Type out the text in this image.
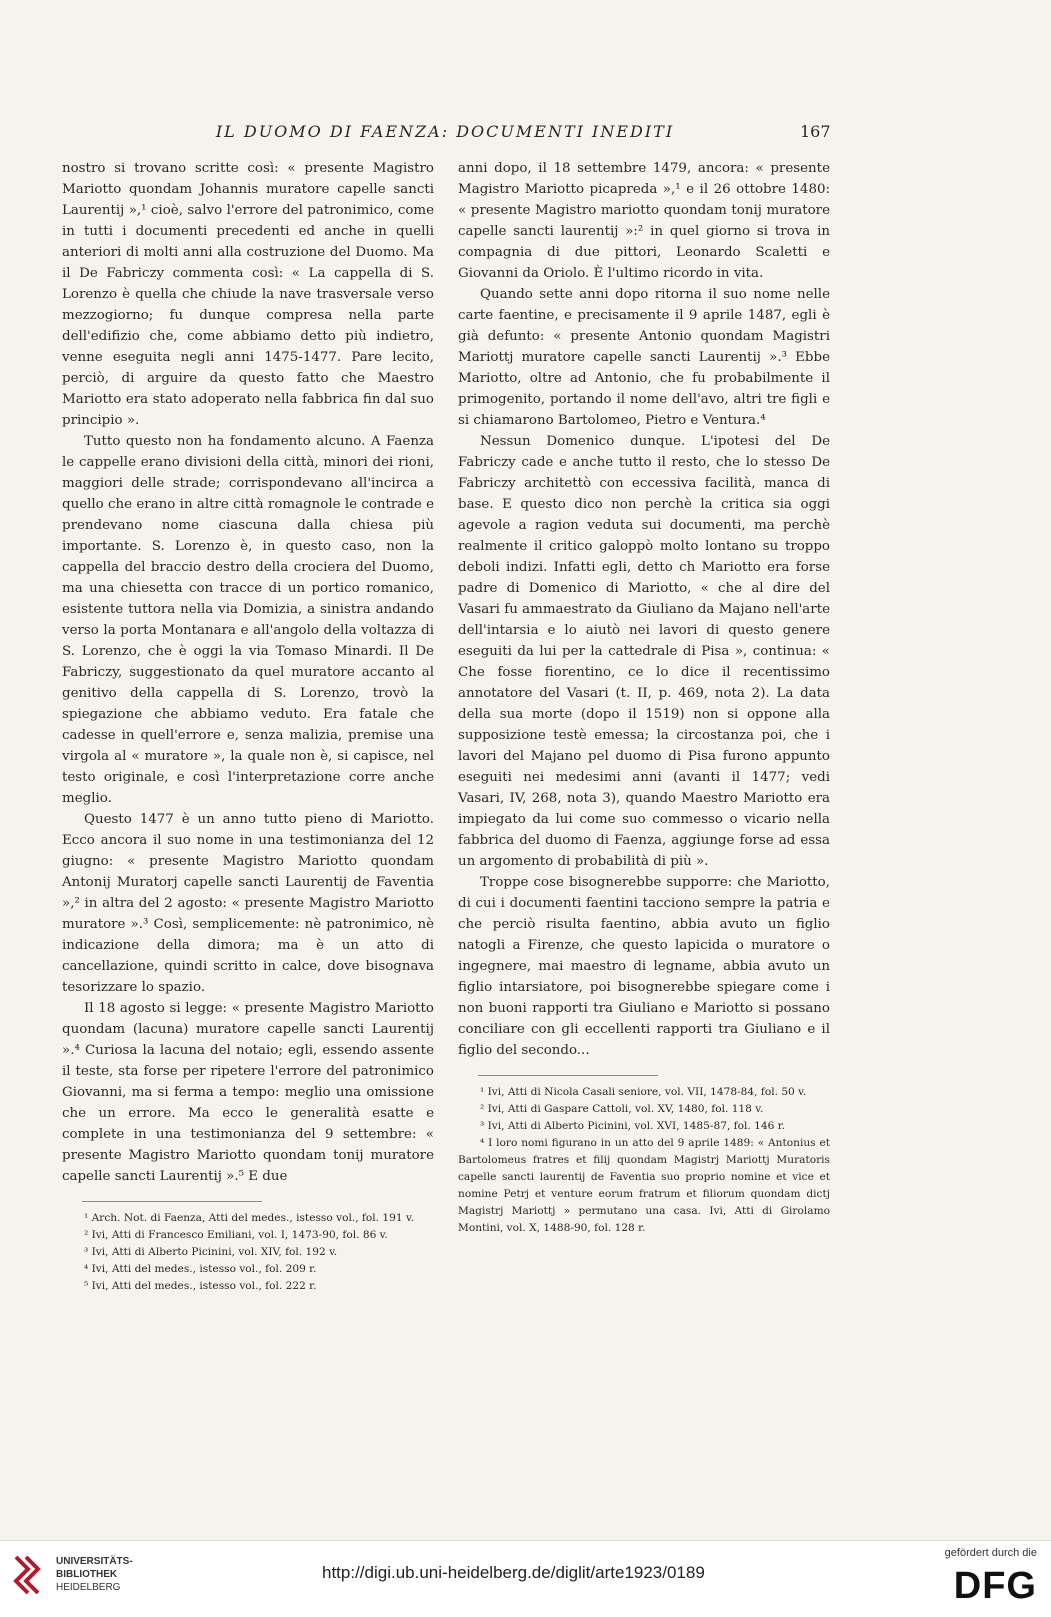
IL DUOMO DI FAENZA: DOCUMENTI INEDITI	167

nostro si trovano scritte così: « presente Magistro Mariotto quondam Johannis muratore capelle sancti Laurentij »,¹ cioè, salvo l'errore del patronimico, come in tutti i documenti precedenti ed anche in quelli anteriori di molti anni alla costruzione del Duomo. Ma il De Fabriczy commenta così: « La cappella di S. Lorenzo è quella che chiude la nave trasversale verso mezzogiorno; fu dunque compresa nella parte dell'edifizio che, come abbiamo detto più indietro, venne eseguita negli anni 1475-1477. Pare lecito, perciò, di arguire da questo fatto che Maestro Mariotto era stato adoperato nella fabbrica fin dal suo principio ».

Tutto questo non ha fondamento alcuno. A Faenza le cappelle erano divisioni della città, minori dei rioni, maggiori delle strade; corrispondevano all'incirca a quello che erano in altre città romagnole le contrade e prendevano nome ciascuna dalla chiesa più importante. S. Lorenzo è, in questo caso, non la cappella del braccio destro della crociera del Duomo, ma una chiesetta con tracce di un portico romanico, esistente tuttora nella via Domizia, a sinistra andando verso la porta Montanara e all'angolo della voltazza di S. Lorenzo, che è oggi la via Tomaso Minardi. Il De Fabriczy, suggestionato da quel muratore accanto al genitivo della cappella di S. Lorenzo, trovò la spiegazione che abbiamo veduto. Era fatale che cadesse in quell'errore e, senza malizia, premise una virgola al « muratore », la quale non è, si capisce, nel testo originale, e così l'interpretazione corre anche meglio.

Questo 1477 è un anno tutto pieno di Mariotto. Ecco ancora il suo nome in una testimonianza del 12 giugno: « presente Magistro Mariotto quondam Antonij Muratorj capelle sancti Laurentij de Faventia »,² in altra del 2 agosto: « presente Magistro Mariotto muratore ».³ Così, semplicemente: nè patronimico, nè indicazione della dimora; ma è un atto di cancellazione, quindi scritto in calce, dove bisognava tesorizzare lo spazio.

Il 18 agosto si legge: « presente Magistro Mariotto quondam (lacuna) muratore capelle sancti Laurentij ».⁴ Curiosa la lacuna del notaio; egli, essendo assente il teste, sta forse per ripetere l'errore del patronimico Giovanni, ma si ferma a tempo: meglio una omissione che un errore. Ma ecco le generalità esatte e complete in una testimonianza del 9 settembre: « presente Magistro Mariotto quondam tonij muratore capelle sancti Laurentij ».⁵ E due

¹ Arch. Not. di Faenza, Atti del medes., istesso vol., fol. 191 v.

² Ivi, Atti di Francesco Emiliani, vol. I, 1473-90, fol. 86 v.

³ Ivi, Atti di Alberto Picinini, vol. XIV, fol. 192 v.

⁴ Ivi, Atti del medes., istesso vol., fol. 209 r.

⁵ Ivi, Atti del medes., istesso vol., fol. 222 r.

anni dopo, il 18 settembre 1479, ancora: « presente Magistro Mariotto picapreda »,¹ e il 26 ottobre 1480: « presente Magistro mariotto quondam tonij muratore capelle sancti laurentij »:² in quel giorno si trova in compagnia di due pittori, Leonardo Scaletti e Giovanni da Oriolo. È l'ultimo ricordo in vita.

Quando sette anni dopo ritorna il suo nome nelle carte faentine, e precisamente il 9 aprile 1487, egli è già defunto: « presente Antonio quondam Magistri Mariottj muratore capelle sancti Laurentij ».³ Ebbe Mariotto, oltre ad Antonio, che fu probabilmente il primogenito, portando il nome dell'avo, altri tre figli e si chiamarono Bartolomeo, Pietro e Ventura.⁴

Nessun Domenico dunque. L'ipotesi del De Fabriczy cade e anche tutto il resto, che lo stesso De Fabriczy architettò con eccessiva facilità, manca di base. E questo dico non perchè la critica sia oggi agevole a ragion veduta sui documenti, ma perchè realmente il critico galoppò molto lontano su troppo deboli indizi. Infatti egli, detto ch Mariotto era forse padre di Domenico di Mariotto, « che al dire del Vasari fu ammaestrato da Giuliano da Majano nell'arte dell'intarsia e lo aiutò nei lavori di questo genere eseguiti da lui per la cattedrale di Pisa », continua: « Che fosse fiorentino, ce lo dice il recentissimo annotatore del Vasari (t. II, p. 469, nota 2). La data della sua morte (dopo il 1519) non si oppone alla supposizione testè emessa; la circostanza poi, che i lavori del Majano pel duomo di Pisa furono appunto eseguiti nei medesimi anni (avanti il 1477; vedi Vasari, IV, 268, nota 3), quando Maestro Mariotto era impiegato da lui come suo commesso o vicario nella fabbrica del duomo di Faenza, aggiunge forse ad essa un argomento di probabilità di più ».

Troppe cose bisognerebbe supporre: che Mariotto, di cui i documenti faentini tacciono sempre la patria e che perciò risulta faentino, abbia avuto un figlio natogli a Firenze, che questo lapicida o muratore o ingegnere, mai maestro di legname, abbia avuto un figlio intarsiatore, poi bisognerebbe spiegare come i non buoni rapporti tra Giuliano e Mariotto si possano conciliare con gli eccellenti rapporti tra Giuliano e il figlio del secondo...

¹ Ivi, Atti di Nicola Casali seniore, vol. VII, 1478-84, fol. 50 v.

² Ivi, Atti di Gaspare Cattoli, vol. XV, 1480, fol. 118 v.

³ Ivi, Atti di Alberto Picinini, vol. XVI, 1485-87, fol. 146 r.

⁴ I loro nomi figurano in un atto del 9 aprile 1489: « Antonius et Bartolomeus fratres et filij quondam Magistrj Mariottj Muratoris capelle sancti laurentij de Faventia suo proprio nomine et vice et nomine Petrj et venture eorum fratrum et filiorum quondam dictj Magistrj Mariottj » permutano una casa. Ivi, Atti di Girolamo Montini, vol. X, 1488-90, fol. 128 r.

UNIVERSITÄTS-
BIBLIOTHEK
HEIDELBERG
http://digi.ub.uni-heidelberg.de/diglit/arte1923/0189
gefördert durch die
DFG
